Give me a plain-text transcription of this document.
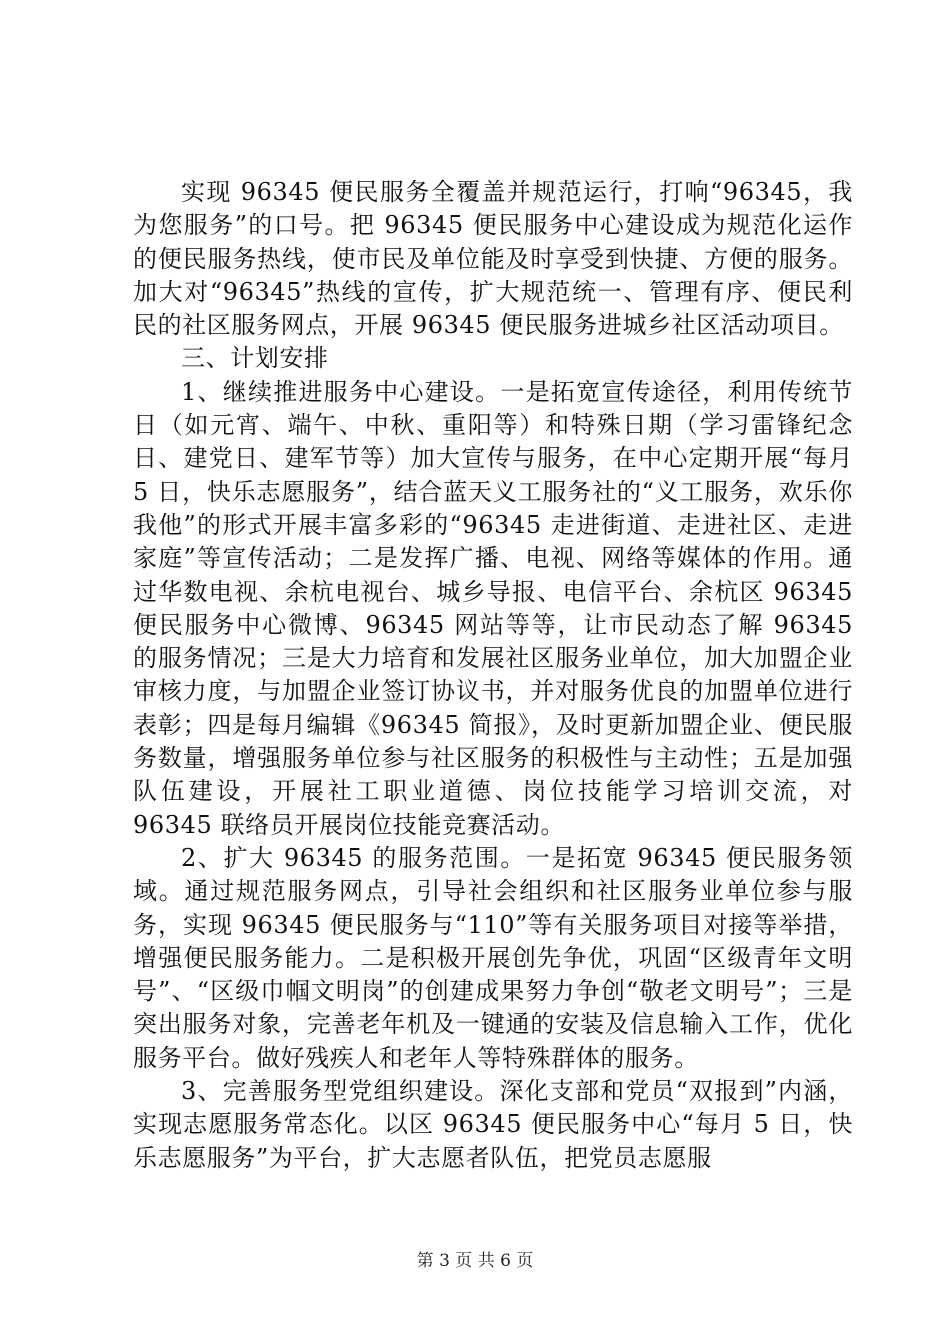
实现 96345 便民服务全覆盖并规范运行，打响“96345，我为您服务”的口号。把 96345 便民服务中心建设成为规范化运作的便民服务热线，使市民及单位能及时享受到快捷、方便的服务。加大对“96345”热线的宣传，扩大规范统一、管理有序、便民利民的社区服务网点，开展 96345 便民服务进城乡社区活动项目。

三、计划安排

1、继续推进服务中心建设。一是拓宽宣传途径，利用传统节日（如元宵、端午、中秋、重阳等）和特殊日期（学习雷锋纪念日、建党日、建军节等）加大宣传与服务，在中心定期开展“每月 5 日，快乐志愿服务”，结合蓝天义工服务社的“义工服务，欢乐你我他”的形式开展丰富多彩的“96345 走进街道、走进社区、走进家庭”等宣传活动；二是发挥广播、电视、网络等媒体的作用。通过华数电视、余杭电视台、城乡导报、电信平台、余杭区 96345 便民服务中心微博、96345 网站等等，让市民动态了解 96345 的服务情况；三是大力培育和发展社区服务业单位，加大加盟企业审核力度，与加盟企业签订协议书，并对服务优良的加盟单位进行表彰；四是每月编辑《96345 简报》，及时更新加盟企业、便民服务数量，增强服务单位参与社区服务的积极性与主动性；五是加强队伍建设，开展社工职业道德、岗位技能学习培训交流，对 96345 联络员开展岗位技能竞赛活动。

2、扩大 96345 的服务范围。一是拓宽 96345 便民服务领域。通过规范服务网点，引导社会组织和社区服务业单位参与服务，实现 96345 便民服务与“110”等有关服务项目对接等举措，增强便民服务能力。二是积极开展创先争优，巩固“区级青年文明号”、“区级巾帼文明岗”的创建成果努力争创“敬老文明号”；三是突出服务对象，完善老年机及一键通的安装及信息输入工作，优化服务平台。做好残疾人和老年人等特殊群体的服务。

3、完善服务型党组织建设。深化支部和党员“双报到”内涵，实现志愿服务常态化。以区 96345 便民服务中心“每月 5 日，快乐志愿服务”为平台，扩大志愿者队伍，把党员志愿服

第 3 页 共 6 页
